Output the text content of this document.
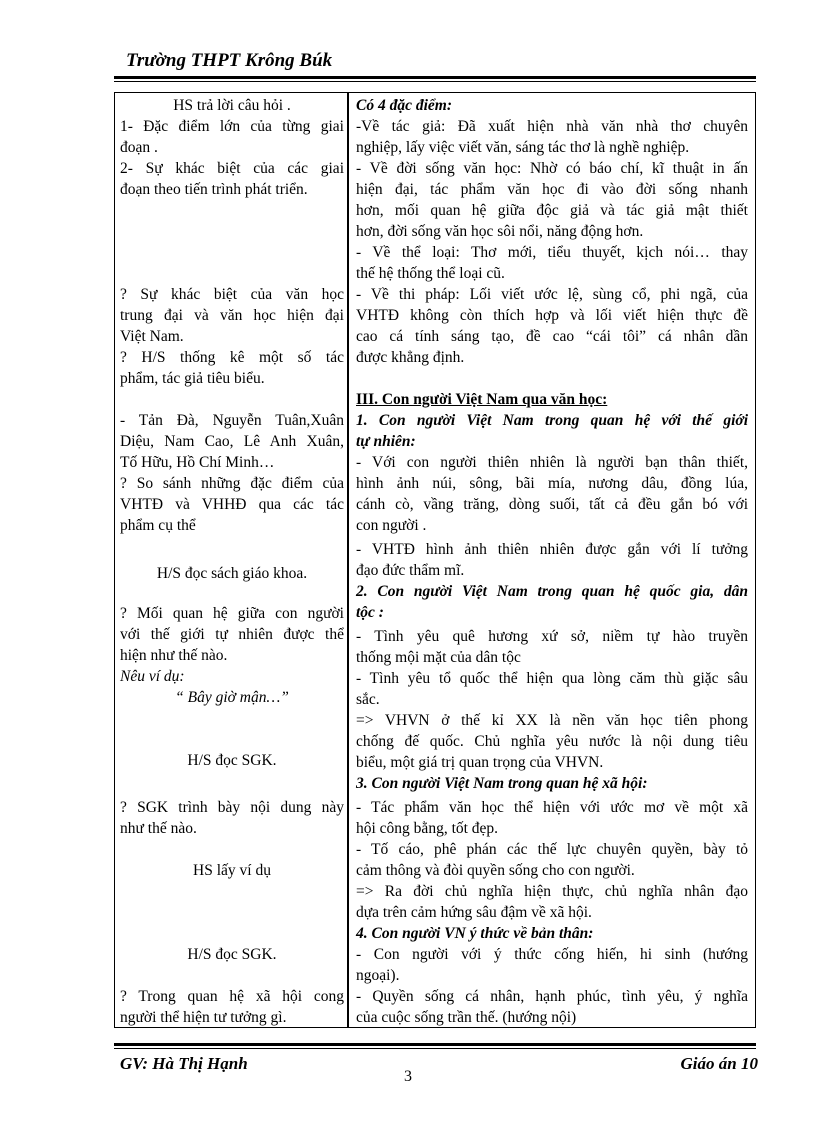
Trường THPT Krông Búk
HS trả lời câu hỏi .
1- Đặc điểm lớn của từng giai
đoạn .
2- Sự khác biệt của các giai
đoạn theo tiến trình phát triển.
? Sự khác biệt của văn học
trung đại và văn học hiện đại
Việt Nam.
? H/S thống kê một số tác
phẩm, tác giả tiêu biểu.
- Tản Đà, Nguyễn Tuân,Xuân
Diệu, Nam Cao, Lê Anh Xuân,
Tố Hữu, Hồ Chí Minh…
? So sánh những đặc điểm của
VHTĐ và VHHĐ qua các tác
phẩm cụ thể
H/S đọc sách giáo khoa.
? Mối quan hệ giữa con người
với thế giới tự nhiên được thể
hiện như thế nào.
Nêu ví dụ:
“ Bây giờ mận…”
H/S đọc SGK.
? SGK trình bày nội dung này
như thế nào.
HS lấy ví dụ
H/S đọc SGK.
? Trong quan hệ xã hội cong
người thể hiện tư tưởng gì.
Có 4 đặc điểm:
-Về tác giả: Đã xuất hiện nhà văn nhà thơ chuyên
nghiệp, lấy việc viết văn, sáng tác thơ là nghề nghiệp.
- Về đời sống văn học: Nhờ có báo chí, kĩ thuật in ấn
hiện đại, tác phẩm văn học đi vào đời sống nhanh
hơn, mối quan hệ giữa độc giả và tác giả mật thiết
hơn, đời sống văn học sôi nổi, năng động hơn.
- Về thể loại: Thơ mới, tiểu thuyết, kịch nói… thay
thế hệ thống thể loại cũ.
- Về thi pháp: Lối viết ước lệ, sùng cổ, phi ngã, của
VHTĐ không còn thích hợp và lối viết hiện thực đề
cao cá tính sáng tạo, đề cao “cái tôi” cá nhân dần
được khẳng định.
III. Con người Việt Nam qua văn học:
1. Con người Việt Nam trong quan hệ với thế giới
tự nhiên:
- Với con người thiên nhiên là người bạn thân thiết,
hình ảnh núi, sông, bãi mía, nương dâu, đồng lúa,
cánh cò, vầng trăng, dòng suối, tất cả đều gắn bó với
con người .
- VHTĐ hình ảnh thiên nhiên được gắn với lí tưởng
đạo đức thẩm mĩ.
2. Con người Việt Nam trong quan hệ quốc gia, dân
tộc :
- Tình yêu quê hương xứ sở, niềm tự hào truyền
thống mội mặt của dân tộc
- Tình yêu tổ quốc thể hiện qua lòng căm thù giặc sâu
sắc.
=> VHVN ở thế kỉ XX là nền văn học tiên phong
chống đế quốc. Chủ nghĩa yêu nước là nội dung tiêu
biểu, một giá trị quan trọng của VHVN.
3. Con người Việt Nam trong quan hệ xã hội:
- Tác phẩm văn học thể hiện với ước mơ về một xã
hội công bằng, tốt đẹp.
- Tố cáo, phê phán các thế lực chuyên quyền, bày tỏ
cảm thông và đòi quyền sống cho con người.
=> Ra đời chủ nghĩa hiện thực, chủ nghĩa nhân đạo
dựa trên cảm hứng sâu đậm về xã hội.
4. Con người VN ý thức về bản thân:
- Con người với ý thức cống hiến, hi sinh (hướng
ngoại).
- Quyền sống cá nhân, hạnh phúc, tình yêu, ý nghĩa
của cuộc sống trần thế. (hướng nội)
GV: Hà Thị Hạnh	Giáo án 10
3
